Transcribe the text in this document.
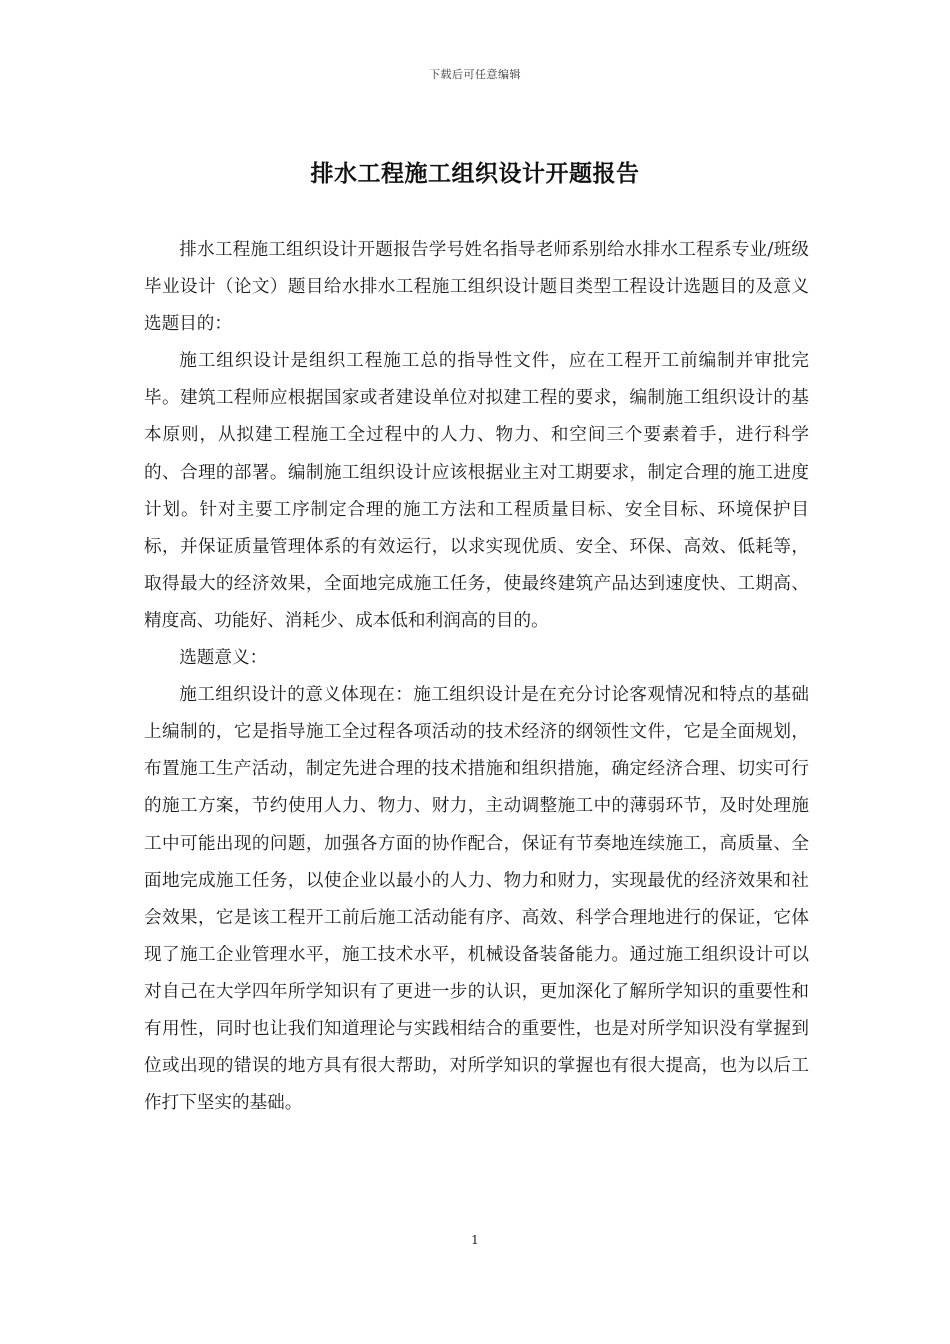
下载后可任意编辑
排水工程施工组织设计开题报告

排水工程施工组织设计开题报告学号姓名指导老师系别给水排水工程系专业/班级毕业设计（论文）题目给水排水工程施工组织设计题目类型工程设计选题目的及意义选题目的：

施工组织设计是组织工程施工总的指导性文件，应在工程开工前编制并审批完毕。建筑工程师应根据国家或者建设单位对拟建工程的要求，编制施工组织设计的基本原则，从拟建工程施工全过程中的人力、物力、和空间三个要素着手，进行科学的、合理的部署。编制施工组织设计应该根据业主对工期要求，制定合理的施工进度计划。针对主要工序制定合理的施工方法和工程质量目标、安全目标、环境保护目标，并保证质量管理体系的有效运行，以求实现优质、安全、环保、高效、低耗等，取得最大的经济效果，全面地完成施工任务，使最终建筑产品达到速度快、工期高、精度高、功能好、消耗少、成本低和利润高的目的。

选题意义：

施工组织设计的意义体现在：施工组织设计是在充分讨论客观情况和特点的基础上编制的，它是指导施工全过程各项活动的技术经济的纲领性文件，它是全面规划，布置施工生产活动，制定先进合理的技术措施和组织措施，确定经济合理、切实可行的施工方案，节约使用人力、物力、财力，主动调整施工中的薄弱环节，及时处理施工中可能出现的问题，加强各方面的协作配合，保证有节奏地连续施工，高质量、全面地完成施工任务，以使企业以最小的人力、物力和财力，实现最优的经济效果和社会效果，它是该工程开工前后施工活动能有序、高效、科学合理地进行的保证，它体现了施工企业管理水平，施工技术水平，机械设备装备能力。通过施工组织设计可以对自己在大学四年所学知识有了更进一步的认识，更加深化了解所学知识的重要性和有用性，同时也让我们知道理论与实践相结合的重要性，也是对所学知识没有掌握到位或出现的错误的地方具有很大帮助，对所学知识的掌握也有很大提高，也为以后工作打下坚实的基础。

1
